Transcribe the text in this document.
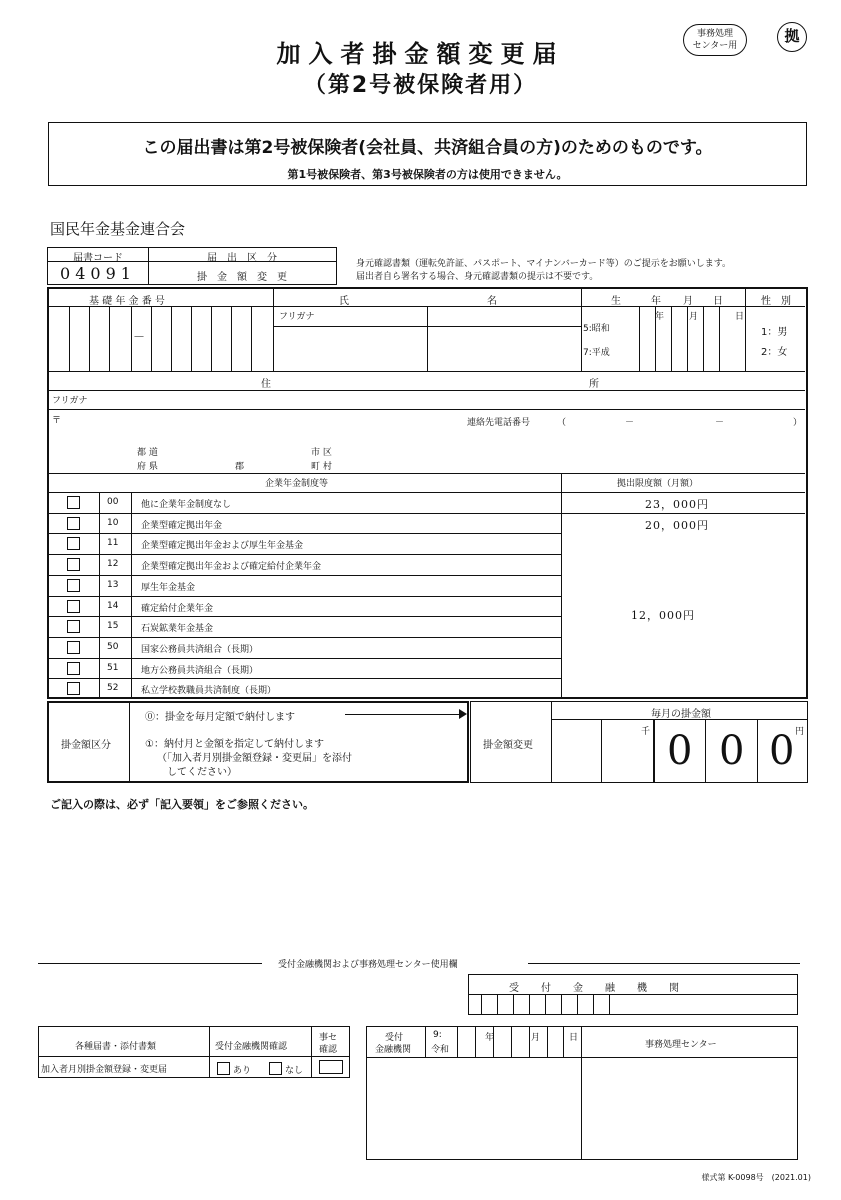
加入者掛金額変更届
（第2号被保険者用）
事務処理
センター用
拠
この届出書は第2号被保険者(会社員、共済組合員の方)のためのものです。
第1号被保険者、第3号被保険者の方は使用できません。
国民年金基金連合会
届書コード	届　出　区　分
04091	掛　金　額　変　更
身元確認書類（運転免許証、パスポート、マイナンバーカード等）のご提示をお願いします。
届出者自ら署名する場合、身元確認書類の提示は不要です。
基 礎 年 金 番 号	氏	名	生	年 月 日	性　別
－
フリガナ
5:昭和
7:平成
年	月	日
1：男
2：女
住	所
フリガナ
〒	連絡先電話番号	（	－	－	）
都 道
府 県	郡
市 区
町 村
企業年金制度等	拠出限度額（月額）
00	他に企業年金制度なし	23，000円
10	企業型確定拠出年金	20，000円
11	企業型確定拠出年金および厚生年金基金
12	企業型確定拠出年金および確定給付企業年金
13	厚生年金基金
14	確定給付企業年金
15	石炭鉱業年金基金
50	国家公務員共済組合（長期）
51	地方公務員共済組合（長期）
52	私立学校教職員共済制度（長期）
12，000円
掛金額区分
⓪：掛金を毎月定額で納付します
①：納付月と金額を指定して納付します
（「加入者月別掛金額登録・変更届」を添付
　してください）
掛金額変更
毎月の掛金額
千	円
0 0 0
ご記入の際は、必ず「記入要領」をご参照ください。
受付金融機関および事務処理センター使用欄
受　付　金　融　機　関
各種届書・添付書類	受付金融機関確認
事セ
確認
加入者月別掛金額登録・変更届	あり	なし
受付
金融機関
9:
令和
年	月	日
事務処理センター
様式第 K-0098号　(2021.01)
